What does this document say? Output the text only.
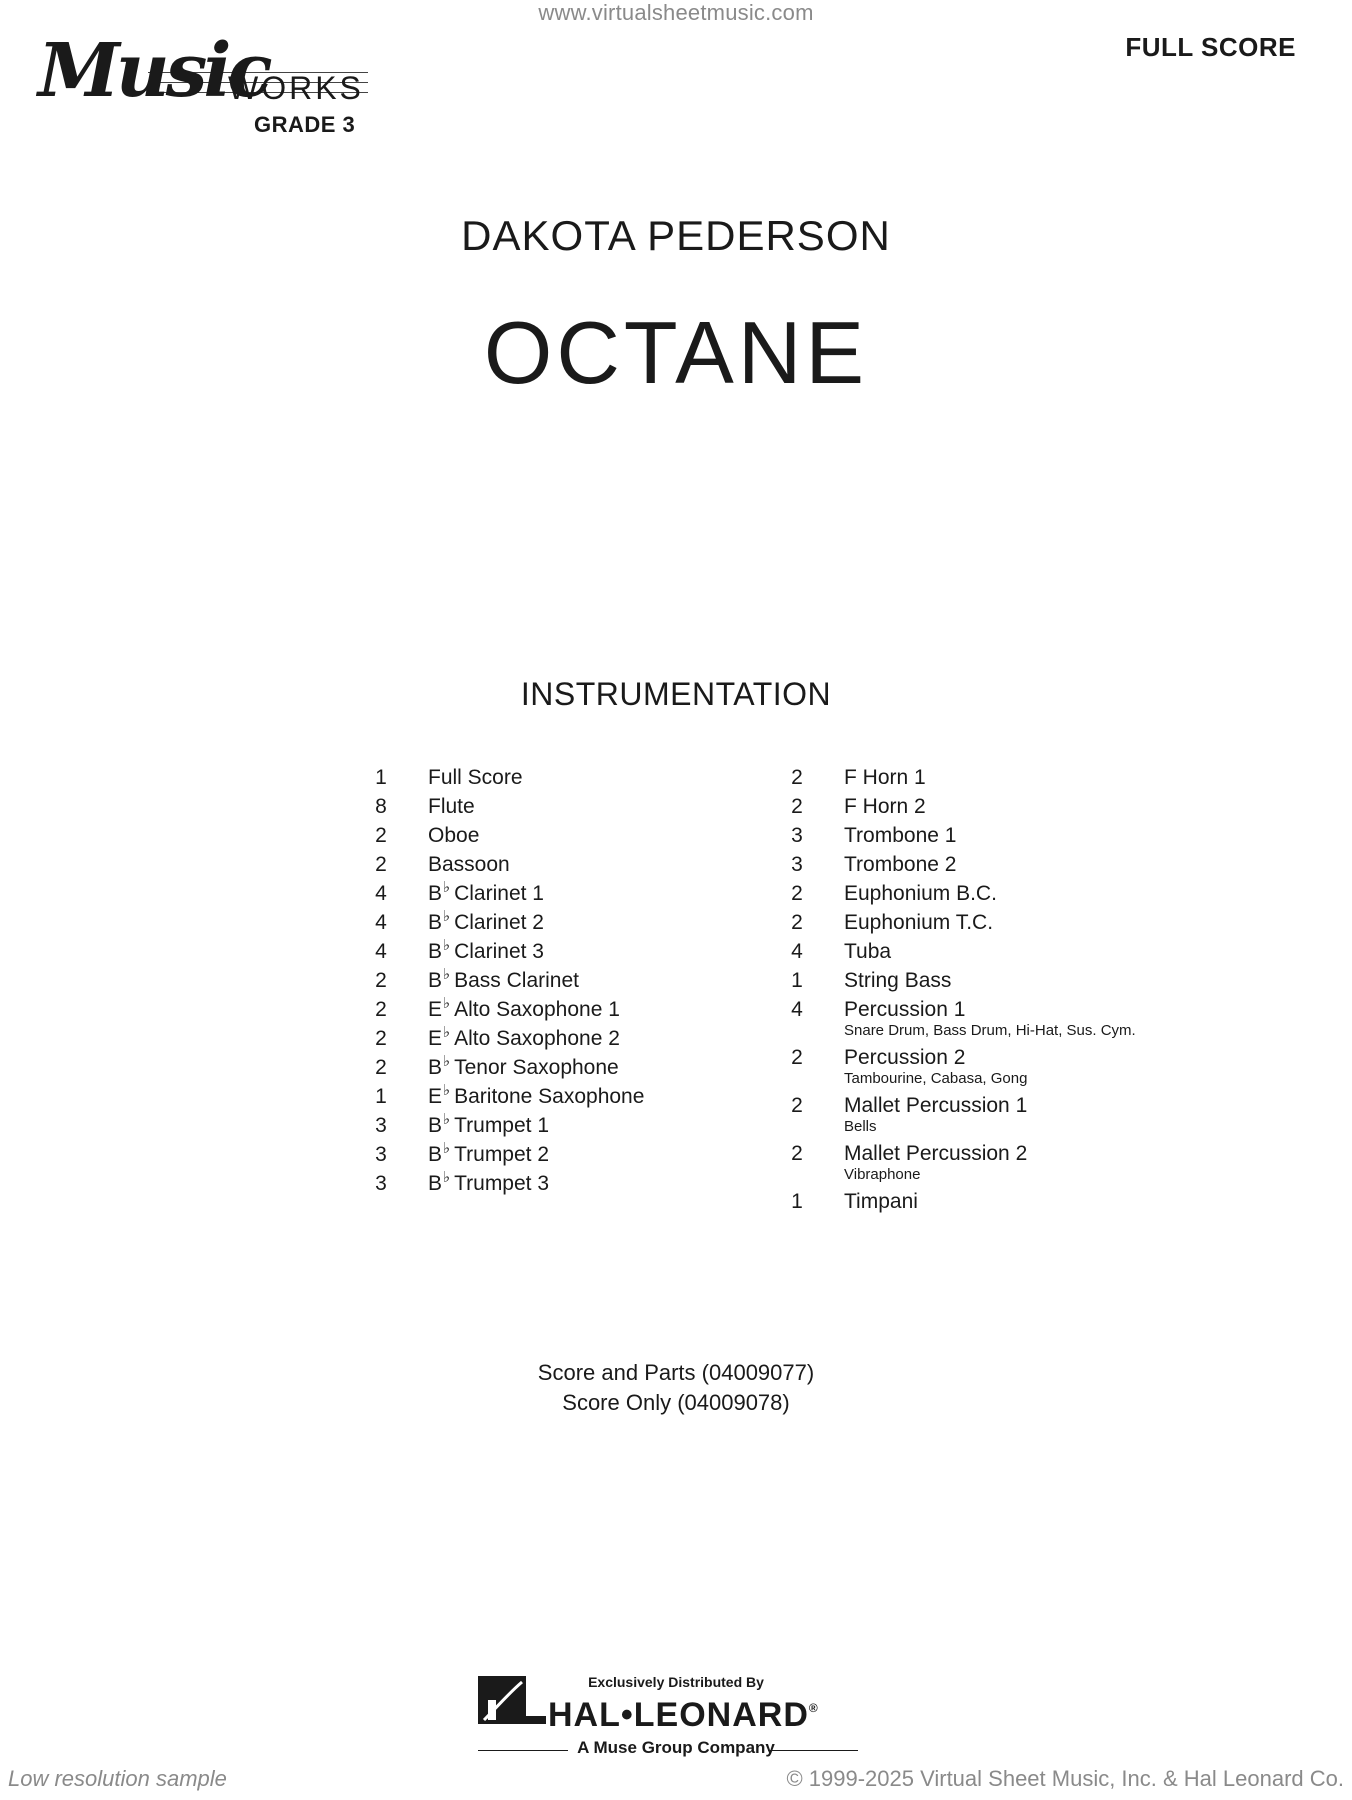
www.virtualsheetmusic.com
FULL SCORE
Music
WORKS
GRADE 3
DAKOTA PEDERSON
OCTANE
INSTRUMENTATION
1	Full Score
8	Flute
2	Oboe
2	Bassoon
4	B♭ Clarinet 1
4	B♭ Clarinet 2
4	B♭ Clarinet 3
2	B♭ Bass Clarinet
2	E♭ Alto Saxophone 1
2	E♭ Alto Saxophone 2
2	B♭ Tenor Saxophone
1	E♭ Baritone Saxophone
3	B♭ Trumpet 1
3	B♭ Trumpet 2
3	B♭ Trumpet 3
2	F Horn 1
2	F Horn 2
3	Trombone 1
3	Trombone 2
2	Euphonium B.C.
2	Euphonium T.C.
4	Tuba
1	String Bass
4	Percussion 1
Snare Drum, Bass Drum, Hi-Hat, Sus. Cym.
2	Percussion 2
Tambourine, Cabasa, Gong
2	Mallet Percussion 1
Bells
2	Mallet Percussion 2
Vibraphone
1	Timpani
Score and Parts (04009077)
Score Only (04009078)
Exclusively Distributed By
HAL•LEONARD®
A Muse Group Company
Low resolution sample	© 1999-2025 Virtual Sheet Music, Inc. & Hal Leonard Co.
